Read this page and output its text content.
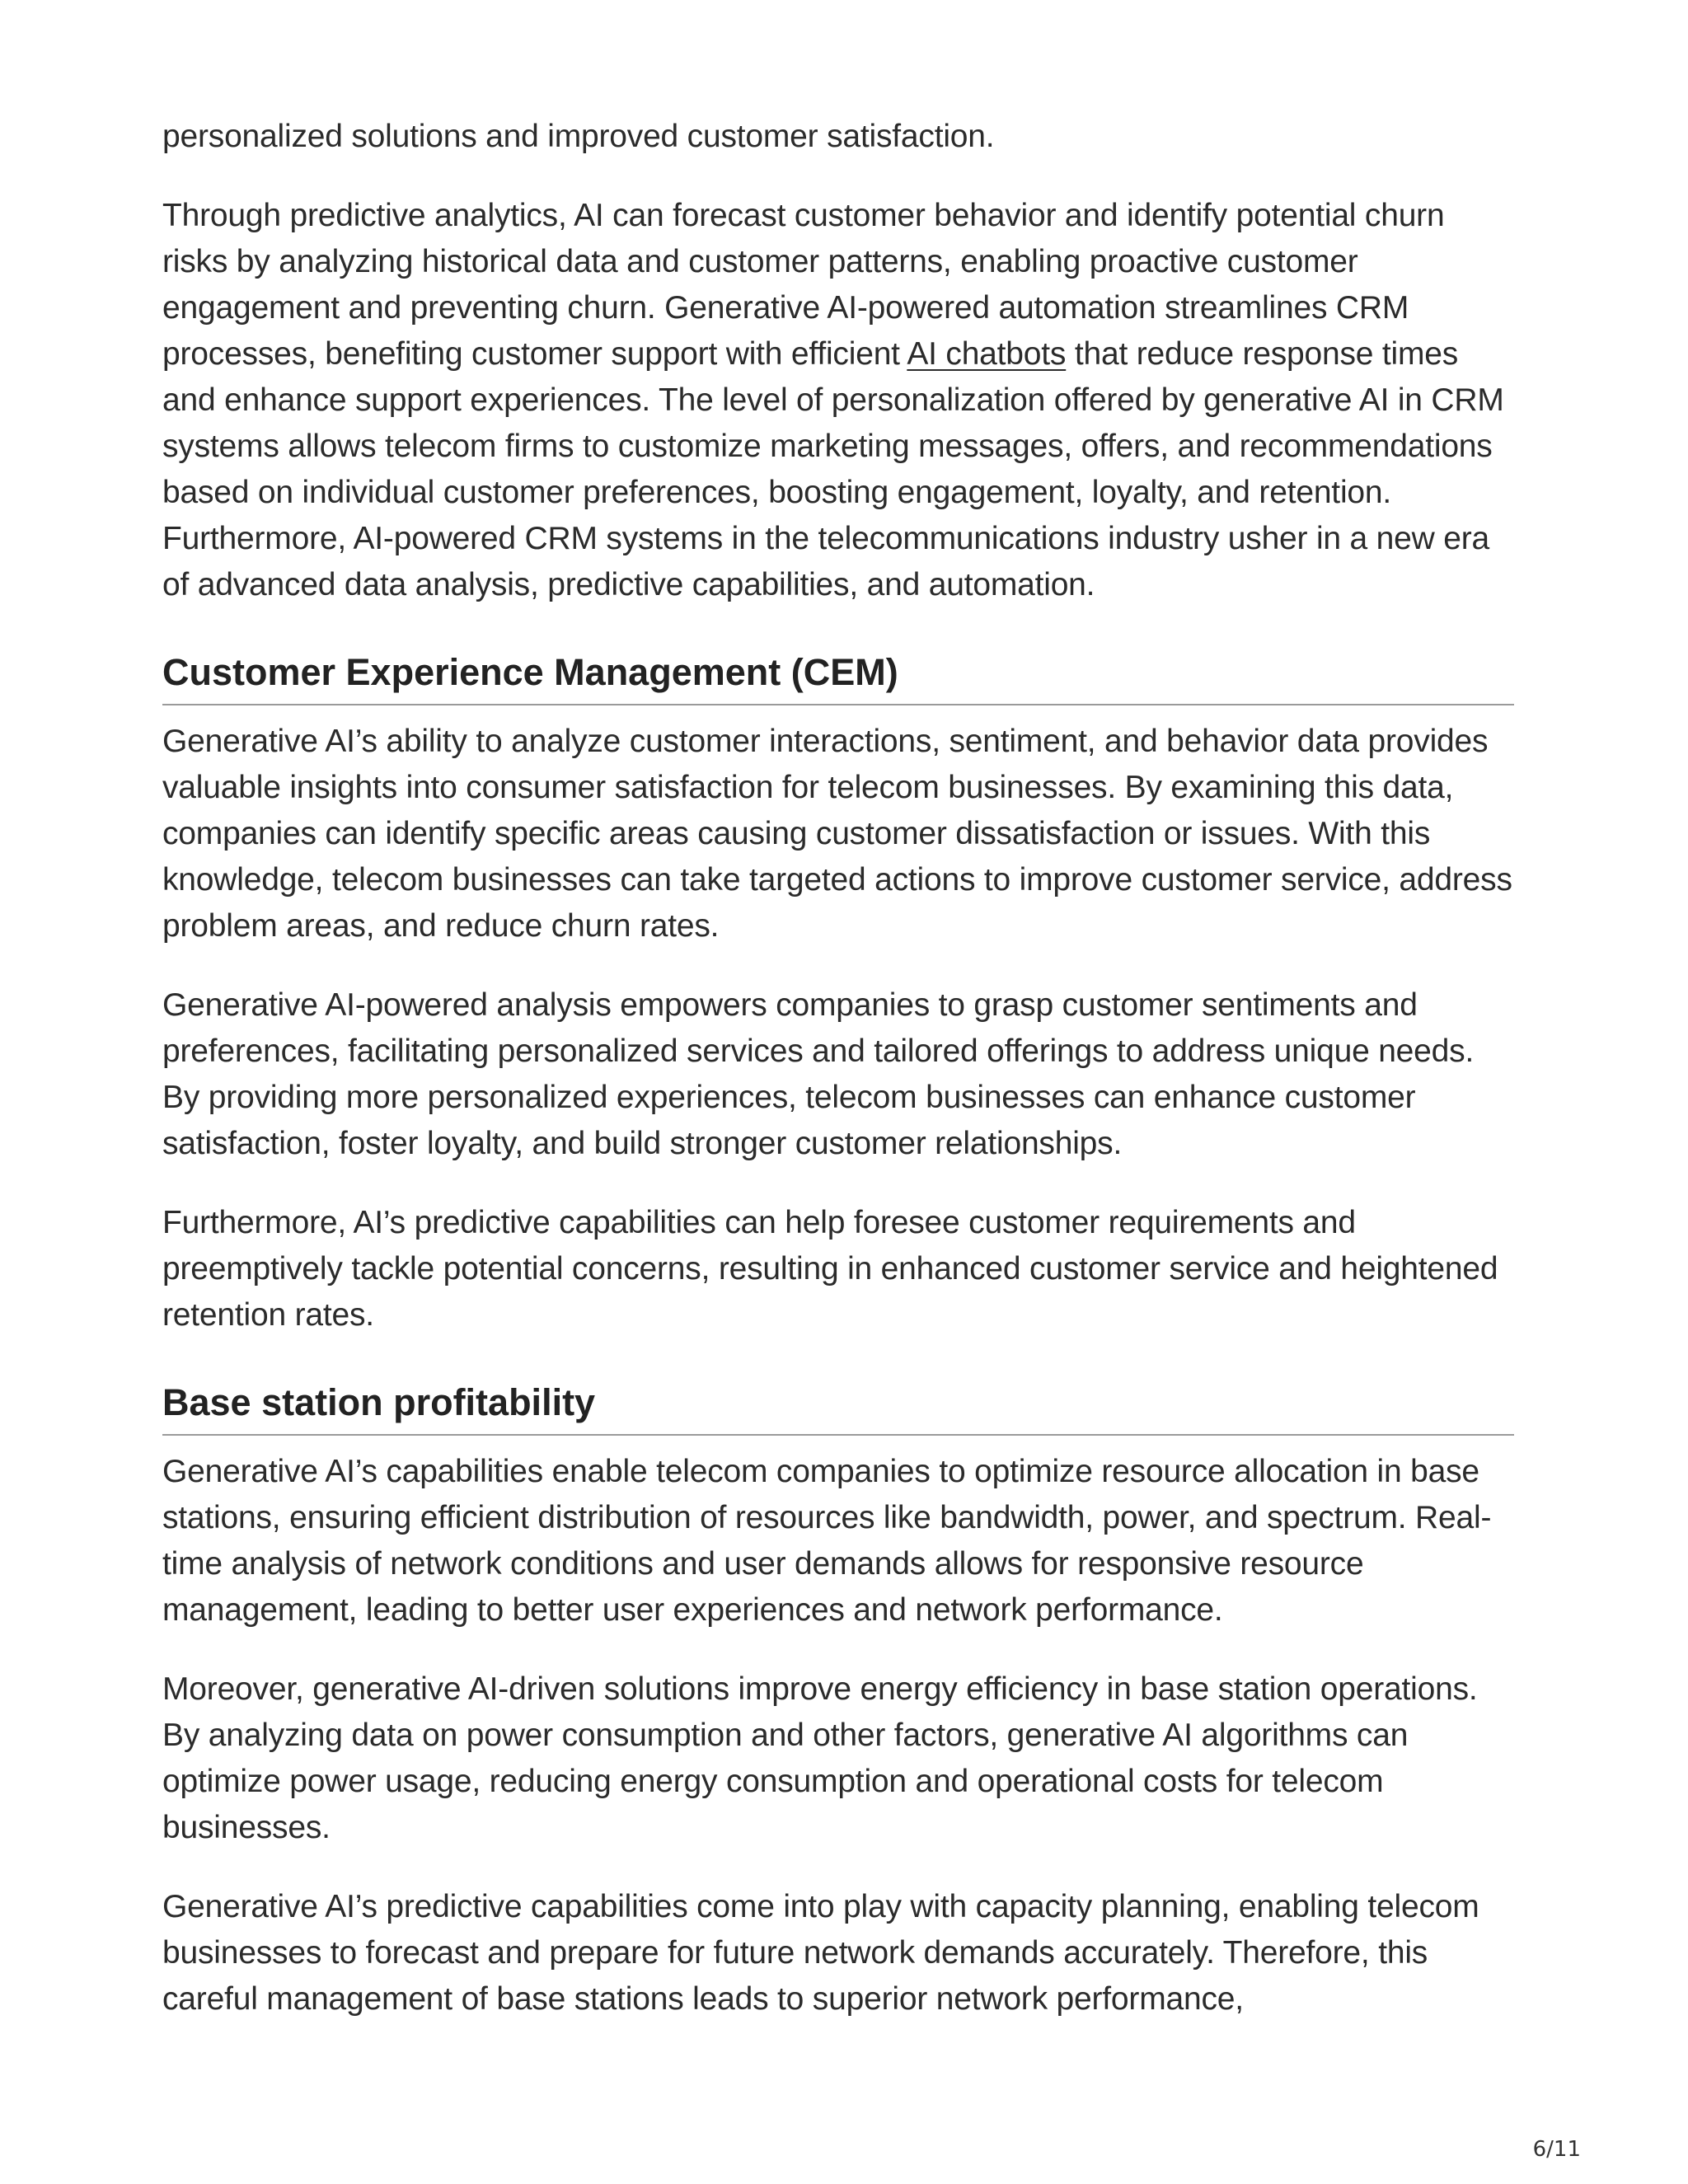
personalized solutions and improved customer satisfaction.

Through predictive analytics, AI can forecast customer behavior and identify potential churn risks by analyzing historical data and customer patterns, enabling proactive customer engagement and preventing churn. Generative AI-powered automation streamlines CRM processes, benefiting customer support with efficient AI chatbots that reduce response times and enhance support experiences. The level of personalization offered by generative AI in CRM systems allows telecom firms to customize marketing messages, offers, and recommendations based on individual customer preferences, boosting engagement, loyalty, and retention. Furthermore, AI-powered CRM systems in the telecommunications industry usher in a new era of advanced data analysis, predictive capabilities, and automation.

Customer Experience Management (CEM)

Generative AI’s ability to analyze customer interactions, sentiment, and behavior data provides valuable insights into consumer satisfaction for telecom businesses. By examining this data, companies can identify specific areas causing customer dissatisfaction or issues. With this knowledge, telecom businesses can take targeted actions to improve customer service, address problem areas, and reduce churn rates.

Generative AI-powered analysis empowers companies to grasp customer sentiments and preferences, facilitating personalized services and tailored offerings to address unique needs. By providing more personalized experiences, telecom businesses can enhance customer satisfaction, foster loyalty, and build stronger customer relationships.

Furthermore, AI’s predictive capabilities can help foresee customer requirements and preemptively tackle potential concerns, resulting in enhanced customer service and heightened retention rates.

Base station profitability

Generative AI’s capabilities enable telecom companies to optimize resource allocation in base stations, ensuring efficient distribution of resources like bandwidth, power, and spectrum. Real-time analysis of network conditions and user demands allows for responsive resource management, leading to better user experiences and network performance.

Moreover, generative AI-driven solutions improve energy efficiency in base station operations. By analyzing data on power consumption and other factors, generative AI algorithms can optimize power usage, reducing energy consumption and operational costs for telecom businesses.

Generative AI’s predictive capabilities come into play with capacity planning, enabling telecom businesses to forecast and prepare for future network demands accurately. Therefore, this careful management of base stations leads to superior network performance,

6/11
